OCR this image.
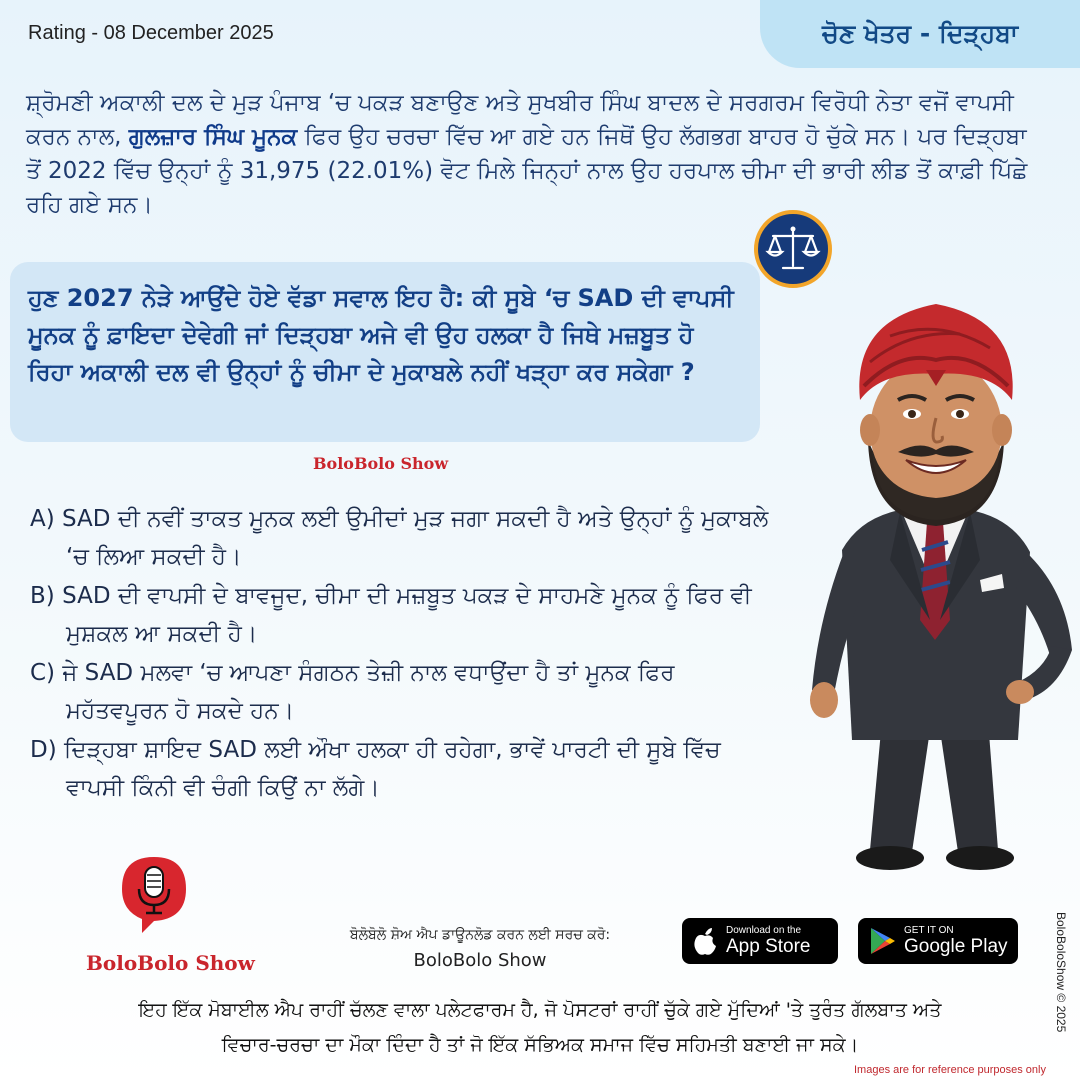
Rating - 08 December 2025	ਚੋਣ ਖੇਤਰ - ਦਿੜ੍ਹਬਾ
ਸ਼੍ਰੋਮਣੀ ਅਕਾਲੀ ਦਲ ਦੇ ਮੁੜ ਪੰਜਾਬ ‘ਚ ਪਕੜ ਬਣਾਉਣ ਅਤੇ ਸੁਖਬੀਰ ਸਿੰਘ ਬਾਦਲ ਦੇ ਸਰਗਰਮ ਵਿਰੋਧੀ ਨੇਤਾ ਵਜੋਂ ਵਾਪਸੀ ਕਰਨ ਨਾਲ, ਗੁਲਜ਼ਾਰ ਸਿੰਘ ਮੂਨਕ ਫਿਰ ਉਹ ਚਰਚਾ ਵਿੱਚ ਆ ਗਏ ਹਨ ਜਿਥੋਂ ਉਹ ਲੱਗਭਗ ਬਾਹਰ ਹੋ ਚੁੱਕੇ ਸਨ। ਪਰ ਦਿੜ੍ਹਬਾ ਤੋਂ 2022 ਵਿੱਚ ਉਨ੍ਹਾਂ ਨੂੰ 31,975 (22.01%) ਵੋਟ ਮਿਲੇ ਜਿਨ੍ਹਾਂ ਨਾਲ ਉਹ ਹਰਪਾਲ ਚੀਮਾ ਦੀ ਭਾਰੀ ਲੀਡ ਤੋਂ ਕਾਫ਼ੀ ਪਿੱਛੇ ਰਹਿ ਗਏ ਸਨ।
ਹੁਣ 2027 ਨੇੜੇ ਆਉਂਦੇ ਹੋਏ ਵੱਡਾ ਸਵਾਲ ਇਹ ਹੈ: ਕੀ ਸੂਬੇ ‘ਚ SAD ਦੀ ਵਾਪਸੀ ਮੂਨਕ ਨੂੰ ਫ਼ਾਇਦਾ ਦੇਵੇਗੀ ਜਾਂ ਦਿੜ੍ਹਬਾ ਅਜੇ ਵੀ ਉਹ ਹਲਕਾ ਹੈ ਜਿਥੇ ਮਜ਼ਬੂਤ ਹੋ ਰਿਹਾ ਅਕਾਲੀ ਦਲ ਵੀ ਉਨ੍ਹਾਂ ਨੂੰ ਚੀਮਾ ਦੇ ਮੁਕਾਬਲੇ ਨਹੀਂ ਖੜ੍ਹਾ ਕਰ ਸਕੇਗਾ ?
BoloBolo Show
A) SAD ਦੀ ਨਵੀਂ ਤਾਕਤ ਮੂਨਕ ਲਈ ਉਮੀਦਾਂ ਮੁੜ ਜਗਾ ਸਕਦੀ ਹੈ ਅਤੇ ਉਨ੍ਹਾਂ ਨੂੰ ਮੁਕਾਬਲੇ ‘ਚ ਲਿਆ ਸਕਦੀ ਹੈ।
B) SAD ਦੀ ਵਾਪਸੀ ਦੇ ਬਾਵਜੂਦ, ਚੀਮਾ ਦੀ ਮਜ਼ਬੂਤ ਪਕੜ ਦੇ ਸਾਹਮਣੇ ਮੂਨਕ ਨੂੰ ਫਿਰ ਵੀ ਮੁਸ਼ਕਲ ਆ ਸਕਦੀ ਹੈ।
C) ਜੇ SAD ਮਲਵਾ ‘ਚ ਆਪਣਾ ਸੰਗਠਨ ਤੇਜ਼ੀ ਨਾਲ ਵਧਾਉਂਦਾ ਹੈ ਤਾਂ ਮੂਨਕ ਫਿਰ ਮਹੱਤਵਪੂਰਨ ਹੋ ਸਕਦੇ ਹਨ।
D) ਦਿੜ੍ਹਬਾ ਸ਼ਾਇਦ SAD ਲਈ ਔਖਾ ਹਲਕਾ ਹੀ ਰਹੇਗਾ, ਭਾਵੇਂ ਪਾਰਟੀ ਦੀ ਸੂਬੇ ਵਿੱਚ ਵਾਪਸੀ ਕਿੰਨੀ ਵੀ ਚੰਗੀ ਕਿਉਂ ਨਾ ਲੱਗੇ।
BoloBolo Show
ਬੋਲੋਬੋਲੋ ਸ਼ੋਅ ਐਪ ਡਾਊਨਲੋਡ ਕਰਨ ਲਈ ਸਰਚ ਕਰੋ:
BoloBolo Show
Download on the
App Store
GET IT ON
Google Play
ਇਹ ਇੱਕ ਮੋਬਾਈਲ ਐਪ ਰਾਹੀਂ ਚੱਲਣ ਵਾਲਾ ਪਲੇਟਫਾਰਮ ਹੈ, ਜੋ ਪੋਸਟਰਾਂ ਰਾਹੀਂ ਚੁੱਕੇ ਗਏ ਮੁੱਦਿਆਂ 'ਤੇ ਤੁਰੰਤ ਗੱਲਬਾਤ ਅਤੇ
ਵਿਚਾਰ-ਚਰਚਾ ਦਾ ਮੌਕਾ ਦਿੰਦਾ ਹੈ ਤਾਂ ਜੋ ਇੱਕ ਸੱਭਿਅਕ ਸਮਾਜ ਵਿੱਚ ਸਹਿਮਤੀ ਬਣਾਈ ਜਾ ਸਕੇ।
BoloBoloShow © 2025
Images are for reference purposes only
